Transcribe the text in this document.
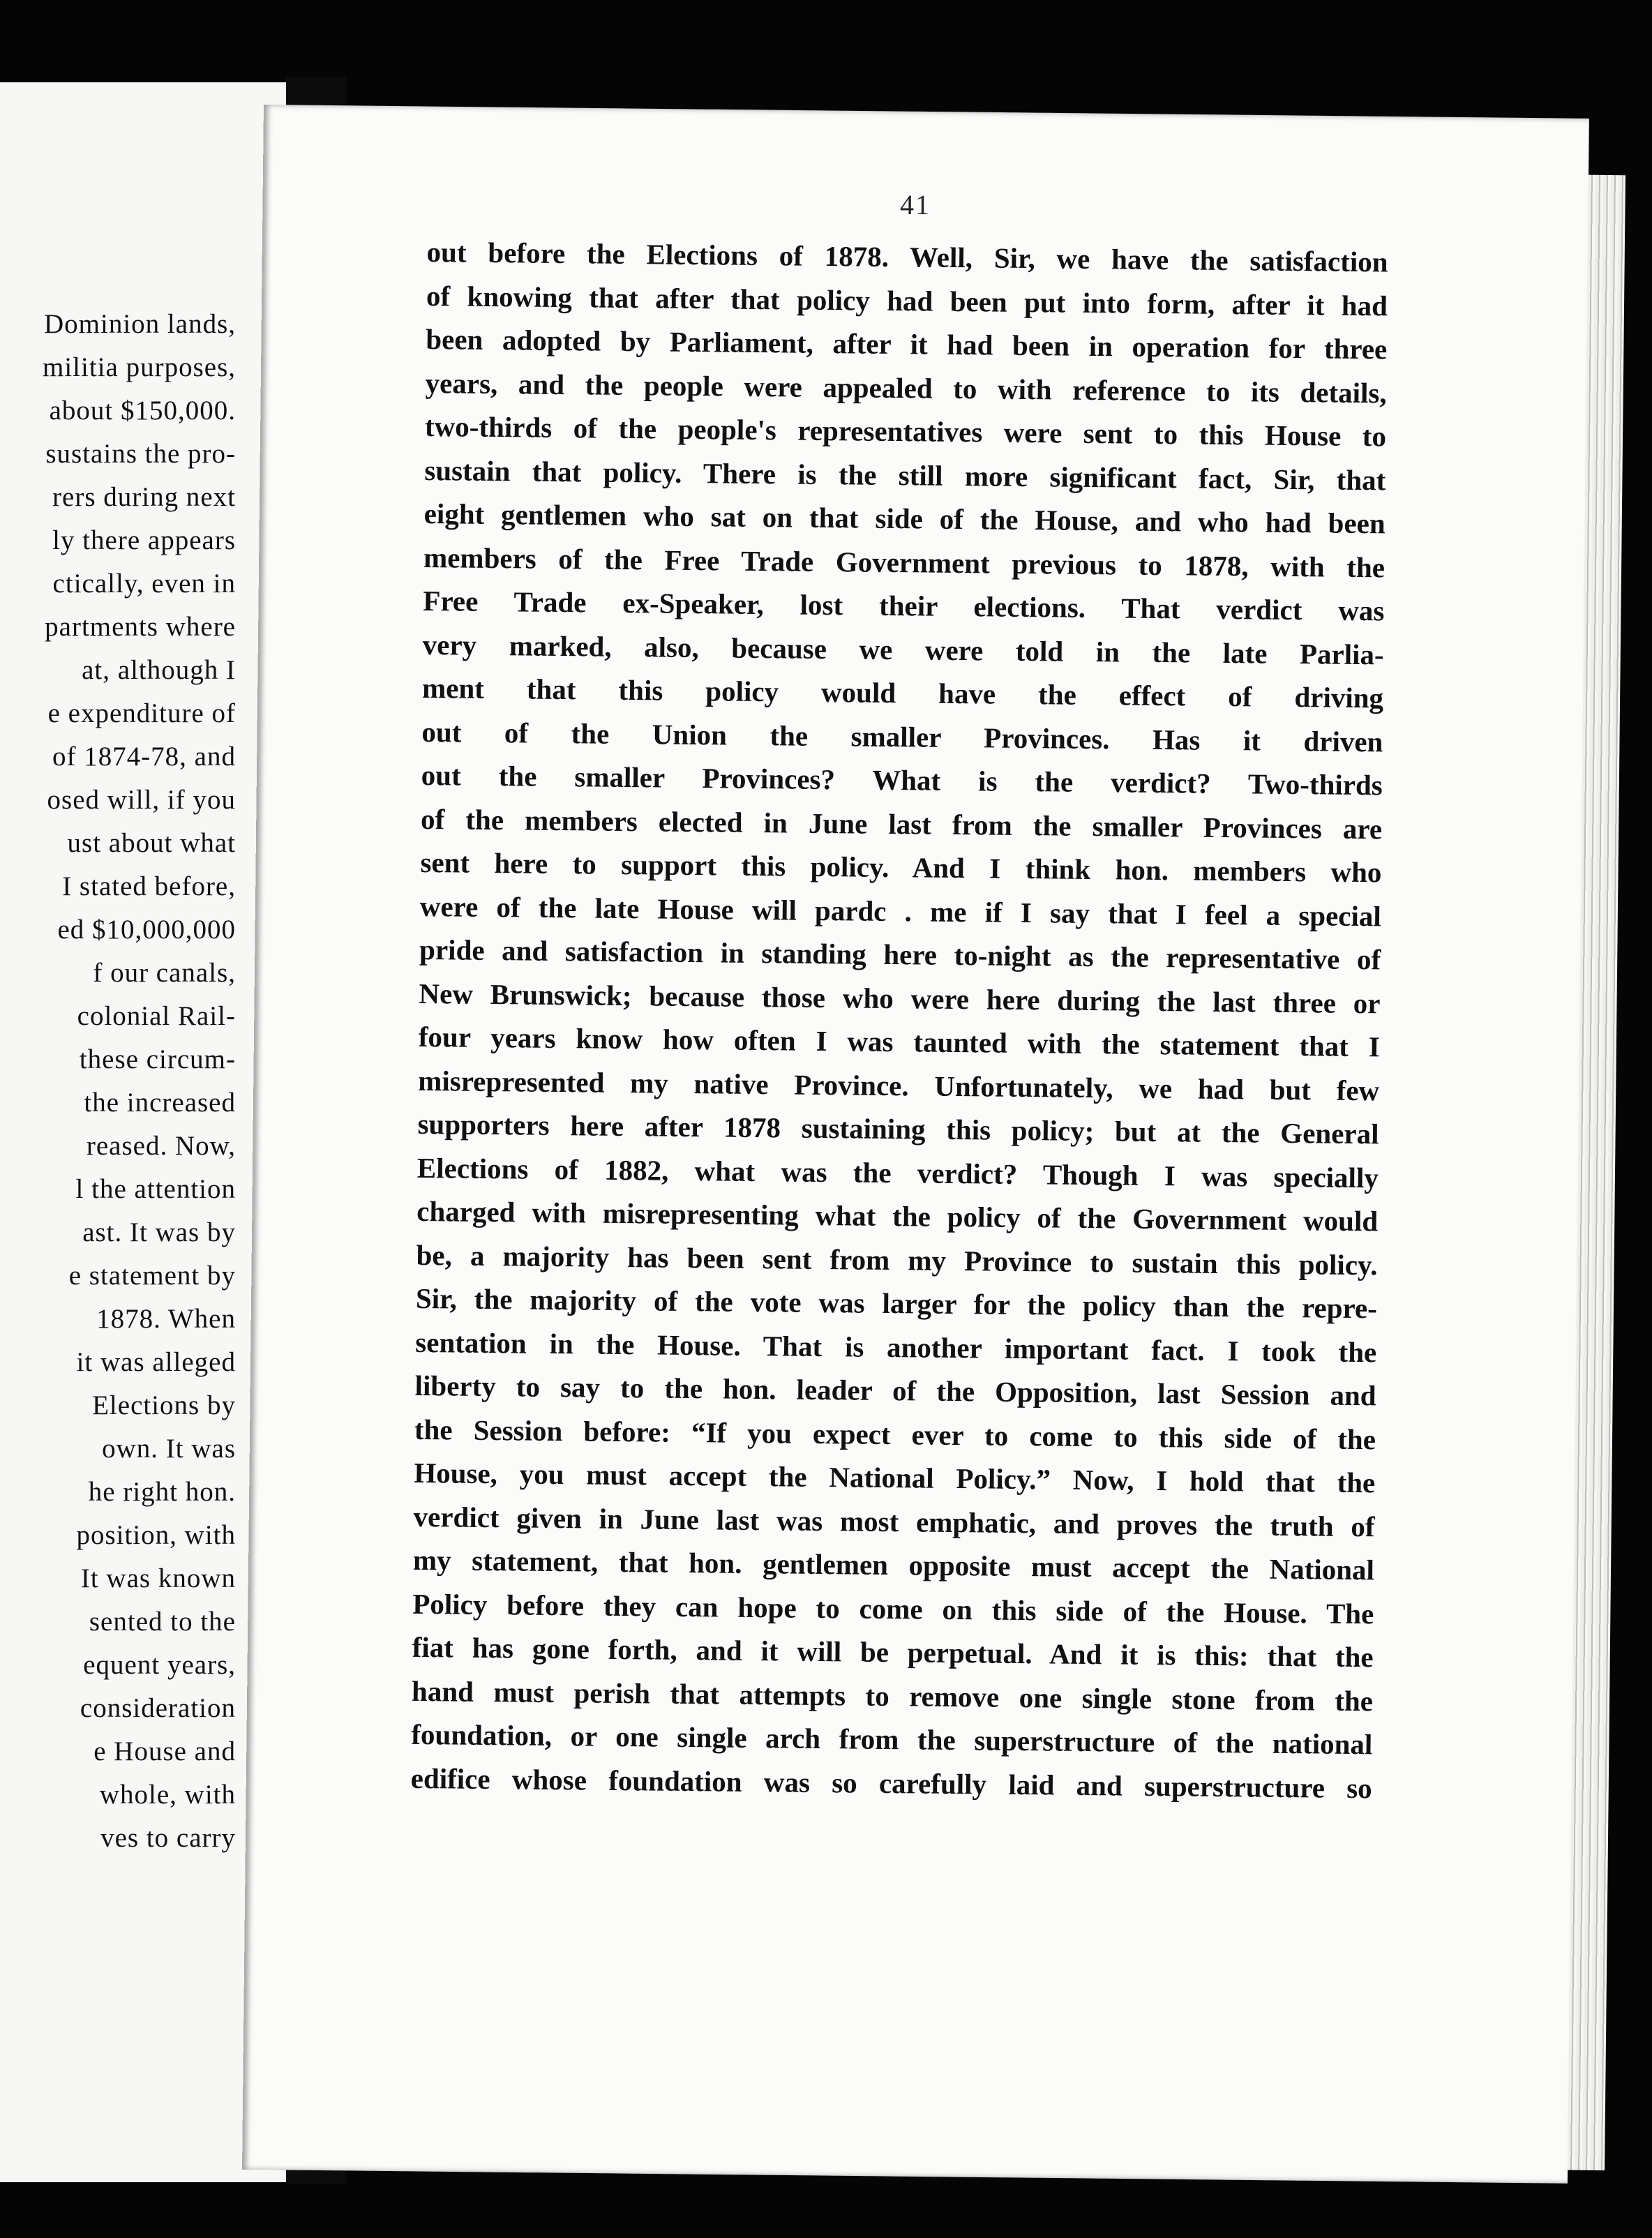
Dominion lands,
militia purposes,
about $150,000.
sustains the pro-
rers during next
ly there appears
ctically, even in
partments where
at, although I
e expenditure of
of 1874-78, and
osed will, if you
ust about what
I stated before,
ed $10,000,000
f our canals,
colonial Rail-
these circum-
the increased
reased. Now,
l the attention
ast. It was by
e statement by
1878. When
it was alleged
Elections by
own. It was
he right hon.
position, with
It was known
sented to the
equent years,
consideration
e House and
whole, with
ves to carry
41
out before the Elections of 1878. Well, Sir, we have the satisfaction
of knowing that after that policy had been put into form, after it had
been adopted by Parliament, after it had been in operation for three
years, and the people were appealed to with reference to its details,
two-thirds of the people's representatives were sent to this House to
sustain that policy. There is the still more significant fact, Sir, that
eight gentlemen who sat on that side of the House, and who had been
members of the Free Trade Government previous to 1878, with the
Free Trade ex-Speaker, lost their elections. That verdict was
very marked, also, because we were told in the late Parlia-
ment that this policy would have the effect of driving
out of the Union the smaller Provinces. Has it driven
out the smaller Provinces? What is the verdict? Two-thirds
of the members elected in June last from the smaller Provinces are
sent here to support this policy. And I think hon. members who
were of the late House will pardc . me if I say that I feel a special
pride and satisfaction in standing here to-night as the representative of
New Brunswick; because those who were here during the last three or
four years know how often I was taunted with the statement that I
misrepresented my native Province. Unfortunately, we had but few
supporters here after 1878 sustaining this policy; but at the General
Elections of 1882, what was the verdict? Though I was specially
charged with misrepresenting what the policy of the Government would
be, a majority has been sent from my Province to sustain this policy.
Sir, the majority of the vote was larger for the policy than the repre-
sentation in the House. That is another important fact. I took the
liberty to say to the hon. leader of the Opposition, last Session and
the Session before: “If you expect ever to come to this side of the
House, you must accept the National Policy.” Now, I hold that the
verdict given in June last was most emphatic, and proves the truth of
my statement, that hon. gentlemen opposite must accept the National
Policy before they can hope to come on this side of the House. The
fiat has gone forth, and it will be perpetual. And it is this: that the
hand must perish that attempts to remove one single stone from the
foundation, or one single arch from the superstructure of the national
edifice whose foundation was so carefully laid and superstructure so
